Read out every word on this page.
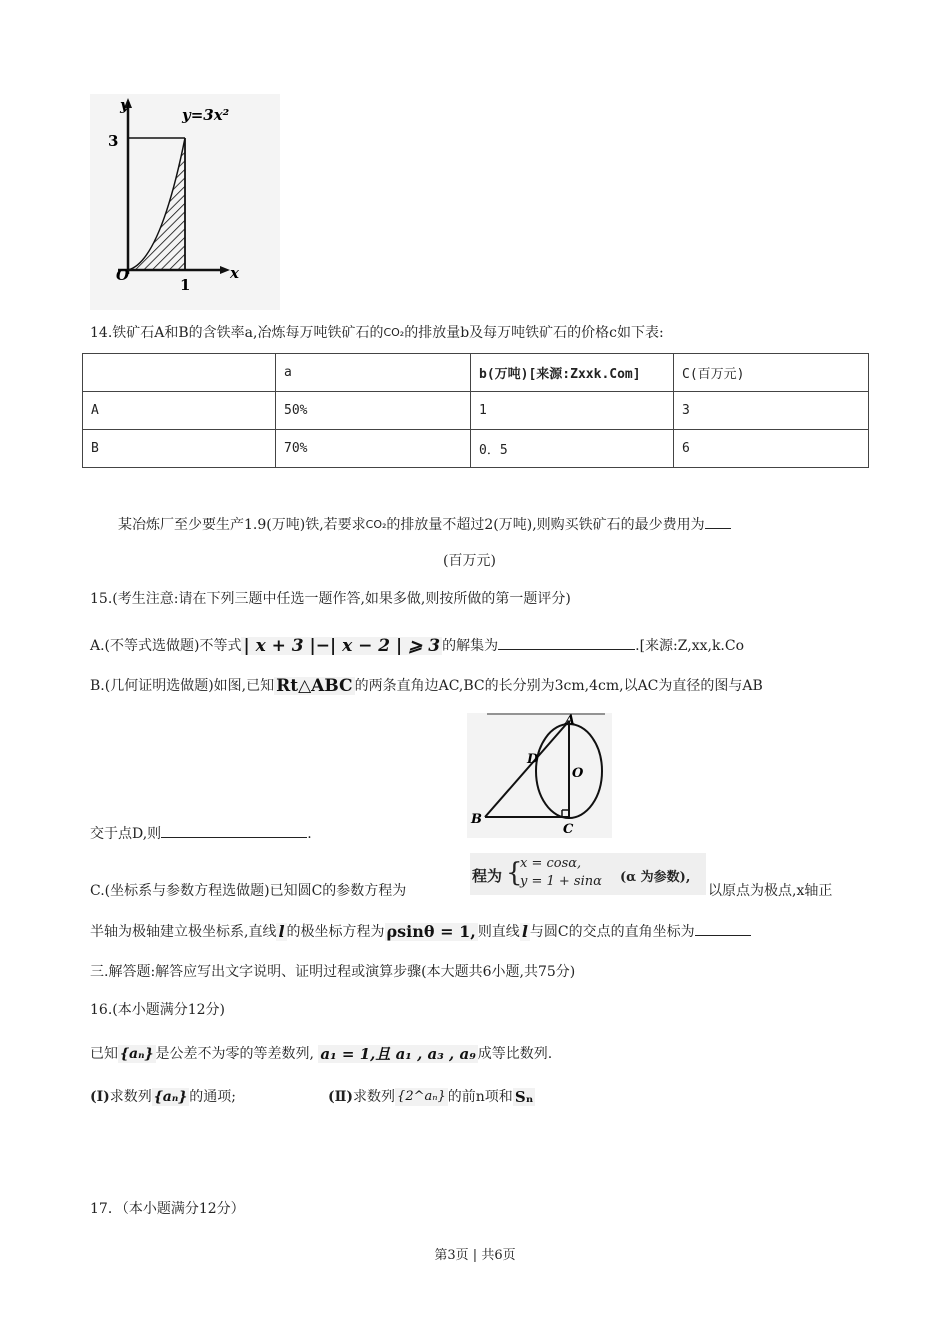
y
y=3x²
3
1
x
O
14.铁矿石A和B的含铁率a,冶炼每万吨铁矿石的CO₂的排放量b及每万吨铁矿石的价格c如下表:
	a	b(万吨)[来源:Zxxk.Com]	C(百万元)
A	50%	1	3
B	70%	0．5	6
某冶炼厂至少要生产1.9(万吨)铁,若要求CO₂的排放量不超过2(万吨),则购买铁矿石的最少费用为
(百万元)
15.(考生注意:请在下列三题中任选一题作答,如果多做,则按所做的第一题评分)
A.(不等式选做题)不等式 | x + 3 |−| x − 2 | ⩾ 3 的解集为	.[来源:Z,xx,k.Co
B.(几何证明选做题)如图,已知 Rt△ABC 的两条直角边AC,BC的长分别为3cm,4cm,以AC为直径的图与AB
A
D
O
B
C
交于点D,则	.
C.(坐标系与参数方程选做题)已知圆C的参数方程为
程为 {
x = cosα,
y = 1 + sinα (α 为参数),
以原点为极点,x轴正
半轴为极轴建立极坐标系,直线 l 的极坐标方程为 ρsinθ = 1, 则直线 l 与圆C的交点的直角坐标为
三.解答题:解答应写出文字说明、证明过程或演算步骤(本大题共6小题,共75分)
16.(本小题满分12分)
已知 {aₙ} 是公差不为零的等差数列, a₁ = 1,且 a₁ , a₃ , a₉ 成等比数列.
(Ⅰ)求数列 {aₙ} 的通项;	(Ⅱ)求数列 {2^aₙ} 的前n项和 Sₙ
17．（本小题满分12分）
第3页 | 共6页
